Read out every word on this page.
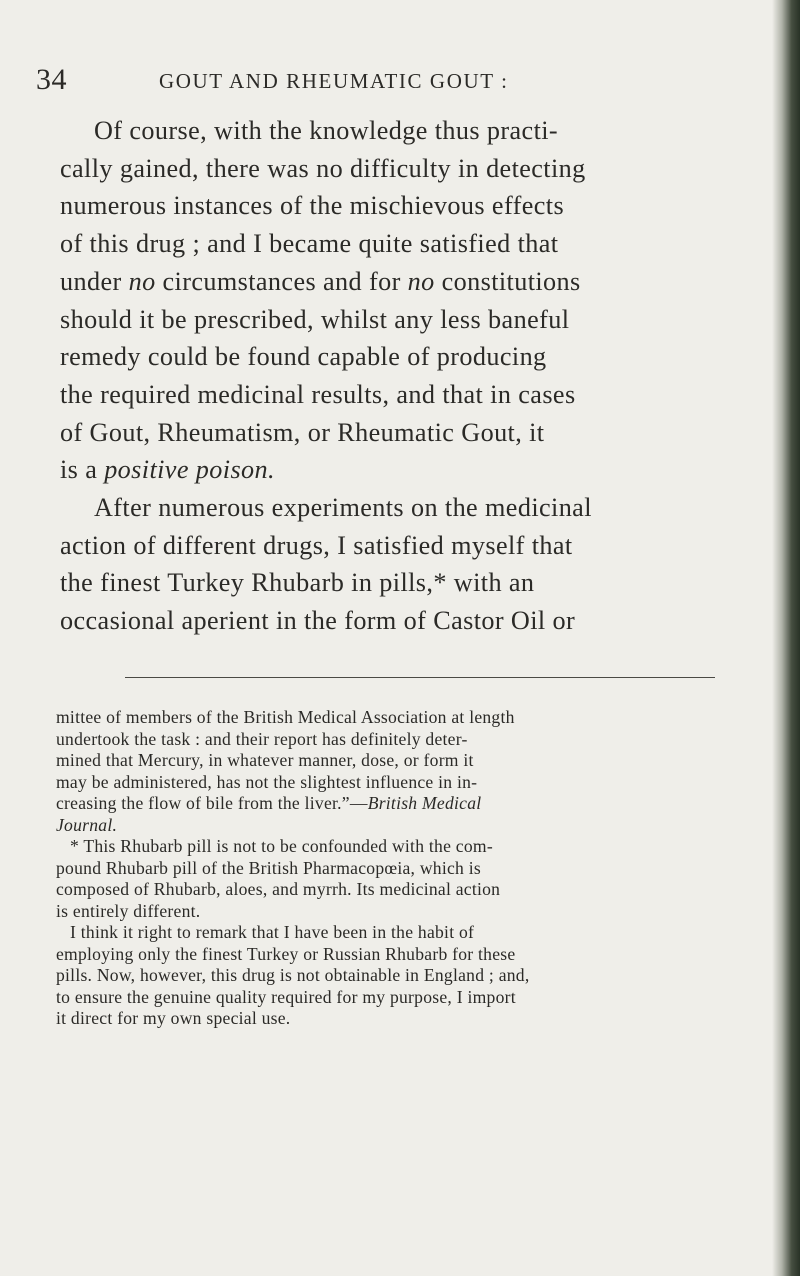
34	GOUT AND RHEUMATIC GOUT :

Of course, with the knowledge thus practi-
cally gained, there was no difficulty in detecting
numerous instances of the mischievous effects
of this drug ; and I became quite satisfied that
under no circumstances and for no constitutions
should it be prescribed, whilst any less baneful
remedy could be found capable of producing
the required medicinal results, and that in cases
of Gout, Rheumatism, or Rheumatic Gout, it
is a positive poison.

After numerous experiments on the medicinal
action of different drugs, I satisfied myself that
the finest Turkey Rhubarb in pills,* with an
occasional aperient in the form of Castor Oil or

mittee of members of the British Medical Association at length
undertook the task : and their report has definitely deter-
mined that Mercury, in whatever manner, dose, or form it
may be administered, has not the slightest influence in in-
creasing the flow of bile from the liver.”—British Medical
Journal.

* This Rhubarb pill is not to be confounded with the com-
pound Rhubarb pill of the British Pharmacopœia, which is
composed of Rhubarb, aloes, and myrrh. Its medicinal action
is entirely different.

I think it right to remark that I have been in the habit of
employing only the finest Turkey or Russian Rhubarb for these
pills. Now, however, this drug is not obtainable in England ; and,
to ensure the genuine quality required for my purpose, I import
it direct for my own special use.
